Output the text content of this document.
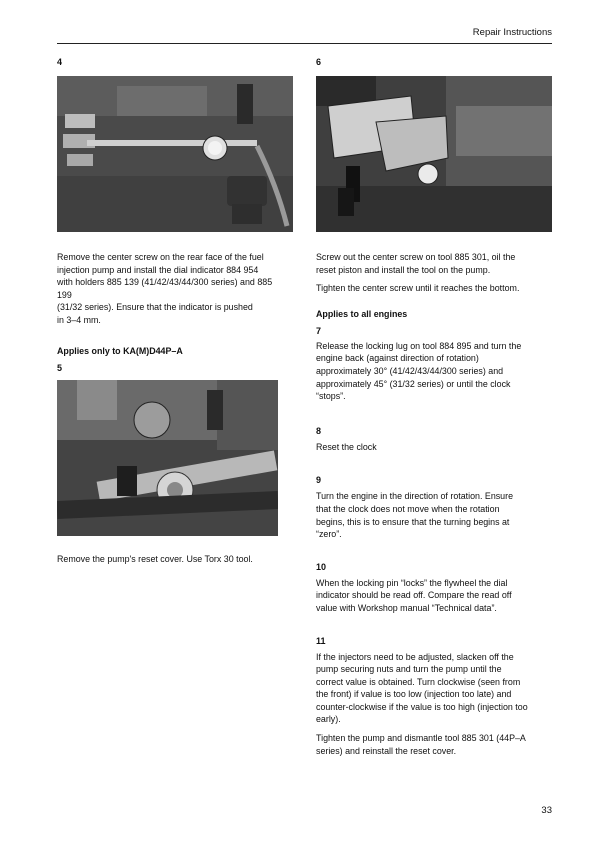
Repair Instructions

4

Remove the center screw on the rear face of the fuel

injection pump and install the dial indicator 884 954

with holders 885 139 (41/42/43/44/300 series) and 885

199

(31/32 series). Ensure that the indicator is pushed

in 3–4 mm.

Applies only to KA(M)D44P–A

5

Remove the pump's reset cover. Use Torx 30 tool.

6

Screw out the center screw on tool 885 301, oil the

reset piston and install the tool on the pump.

Tighten the center screw until it reaches the bottom.

Applies to all engines

7

Release the locking lug on tool 884 895 and turn the

engine back (against direction of rotation)

approximately 30° (41/42/43/44/300 series) and

approximately 45° (31/32 series) or until the clock

“stops”.

8

Reset the clock

9

Turn the engine in the direction of rotation. Ensure

that the clock does not move when the rotation

begins, this is to ensure that the turning begins at

“zero”.

10

When the locking pin “locks” the flywheel the dial

indicator should be read off. Compare the read off

value with Workshop manual “Technical data”.

11

If the injectors need to be adjusted, slacken off the

pump securing nuts and turn the pump until the

correct value is obtained. Turn clockwise (seen from

the front) if value is too low (injection too late) and

counter-clockwise if the value is too high (injection too

early).

Tighten the pump and dismantle tool 885 301 (44P–A

series) and reinstall the reset cover.

33
